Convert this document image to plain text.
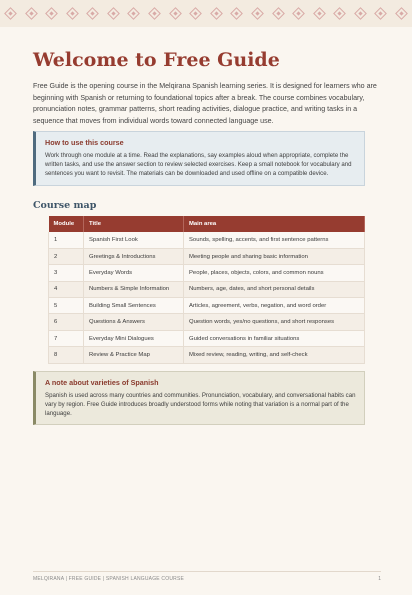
Welcome to Free Guide

Free Guide is the opening course in the Melqirana Spanish learning series. It is designed for learners who are beginning with Spanish or returning to foundational topics after a break. The course combines vocabulary, pronunciation notes, grammar patterns, short reading activities, dialogue practice, and writing tasks in a sequence that moves from individual words toward connected language use.

How to use this course
Work through one module at a time. Read the explanations, say examples aloud when appropriate, complete the written tasks, and use the answer section to review selected exercises. Keep a small notebook for vocabulary and sentences you want to revisit. The materials can be downloaded and used offline on a compatible device.
Course map
Module	Title	Main area
1	Spanish First Look	Sounds, spelling, accents, and first sentence patterns
2	Greetings & Introductions	Meeting people and sharing basic information
3	Everyday Words	People, places, objects, colors, and common nouns
4	Numbers & Simple Information	Numbers, age, dates, and short personal details
5	Building Small Sentences	Articles, agreement, verbs, negation, and word order
6	Questions & Answers	Question words, yes/no questions, and short responses
7	Everyday Mini Dialogues	Guided conversations in familiar situations
8	Review & Practice Map	Mixed review, reading, writing, and self-check
A note about varieties of Spanish
Spanish is used across many countries and communities. Pronunciation, vocabulary, and conversational habits can vary by region. Free Guide introduces broadly understood forms while noting that variation is a normal part of the language.
MELQIRANA | FREE GUIDE | SPANISH LANGUAGE COURSE	1
